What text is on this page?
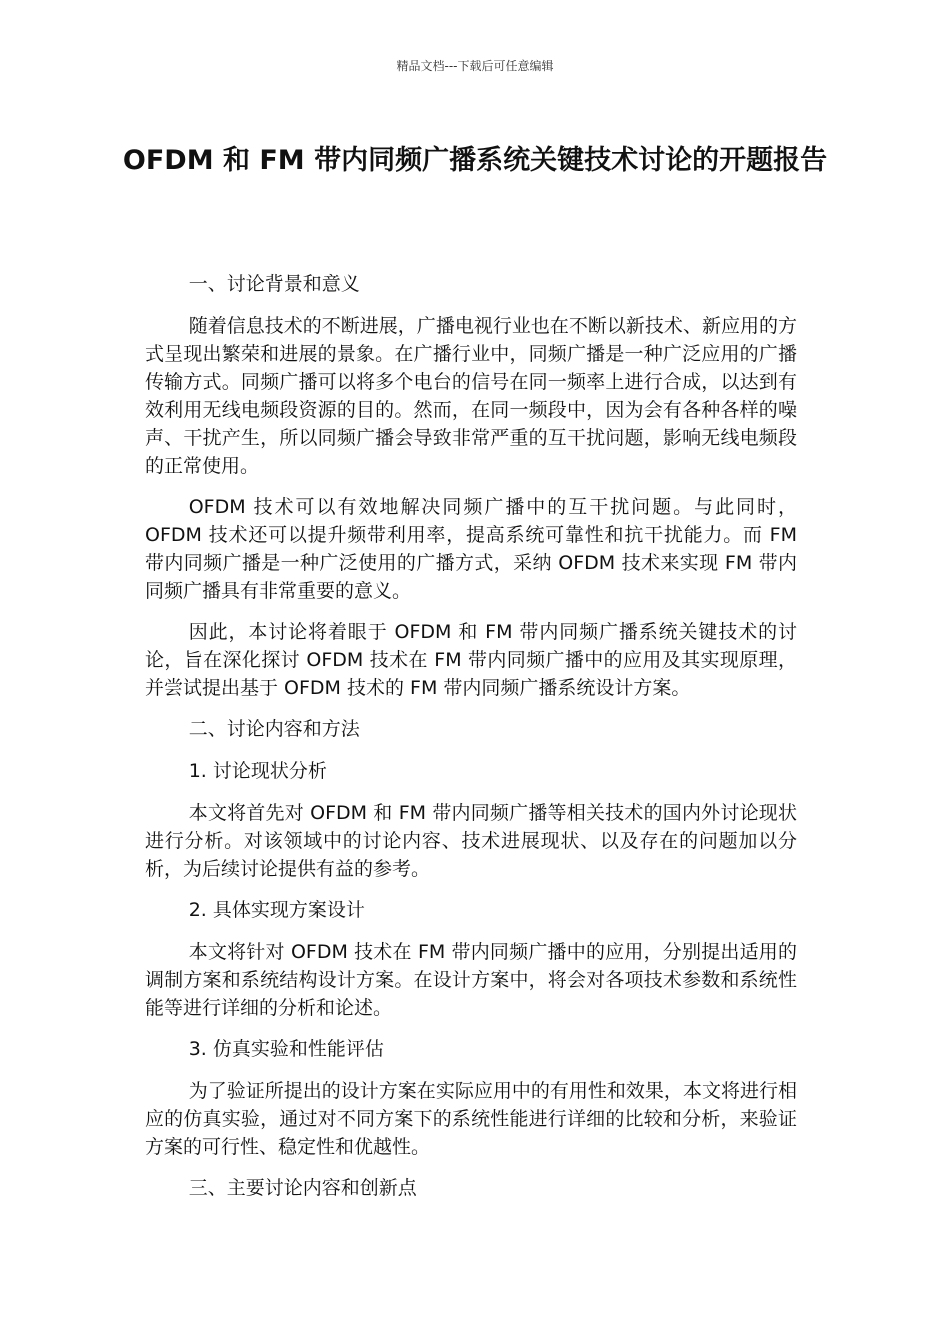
精品文档---下载后可任意编辑
OFDM 和 FM 带内同频广播系统关键技术讨论的开题报告

一、讨论背景和意义

随着信息技术的不断进展，广播电视行业也在不断以新技术、新应用的方式呈现出繁荣和进展的景象。在广播行业中，同频广播是一种广泛应用的广播传输方式。同频广播可以将多个电台的信号在同一频率上进行合成，以达到有效利用无线电频段资源的目的。然而，在同一频段中，因为会有各种各样的噪声、干扰产生，所以同频广播会导致非常严重的互干扰问题，影响无线电频段的正常使用。

OFDM 技术可以有效地解决同频广播中的互干扰问题。与此同时，OFDM 技术还可以提升频带利用率，提高系统可靠性和抗干扰能力。而 FM 带内同频广播是一种广泛使用的广播方式，采纳 OFDM 技术来实现 FM 带内同频广播具有非常重要的意义。

因此，本讨论将着眼于 OFDM 和 FM 带内同频广播系统关键技术的讨论，旨在深化探讨 OFDM 技术在 FM 带内同频广播中的应用及其实现原理，并尝试提出基于 OFDM 技术的 FM 带内同频广播系统设计方案。

二、讨论内容和方法

1. 讨论现状分析

本文将首先对 OFDM 和 FM 带内同频广播等相关技术的国内外讨论现状进行分析。对该领域中的讨论内容、技术进展现状、以及存在的问题加以分析，为后续讨论提供有益的参考。

2. 具体实现方案设计

本文将针对 OFDM 技术在 FM 带内同频广播中的应用，分别提出适用的调制方案和系统结构设计方案。在设计方案中，将会对各项技术参数和系统性能等进行详细的分析和论述。

3. 仿真实验和性能评估

为了验证所提出的设计方案在实际应用中的有用性和效果，本文将进行相应的仿真实验，通过对不同方案下的系统性能进行详细的比较和分析，来验证方案的可行性、稳定性和优越性。

三、主要讨论内容和创新点
